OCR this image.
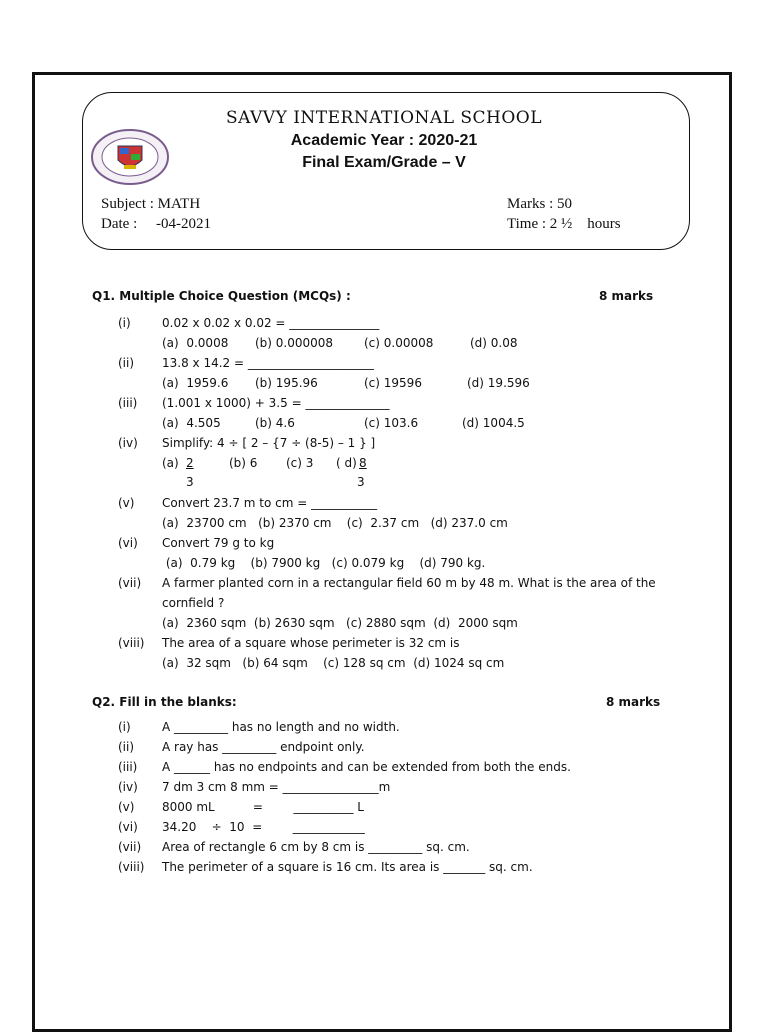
SAVVY INTERNATIONAL SCHOOL
Academic Year : 2020-21
Final Exam/Grade – V
Subject : MATH
Date :     -04-2021
Marks : 50
Time : 2 ½    hours
Q1. Multiple Choice Question (MCQs) :	8 marks
(i)	0.02 x 0.02 x 0.02 = _______________
(a)  0.0008 (b) 0.000008	(c) 0.00008	(d) 0.08
(ii) 13.8 x 14.2 = _____________________
(a)  1959.6 (b) 195.96	(c) 19596	(d) 19.596
(iii) (1.001 x 1000) + 3.5 = ______________
(a)  4.505	(b) 4.6	(c) 103.6	(d) 1004.5
(iv) Simplify: 4 ÷ [ 2 – {7 ÷ (8-5) – 1 } ]
(a) 2	(b) 6 (c) 3 ( d) 8
3	3
(v) Convert 23.7 m to cm = ___________
(a)  23700 cm   (b) 2370 cm    (c)  2.37 cm   (d) 237.0 cm
(vi) Convert 79 g to kg
(a)  0.79 kg    (b) 7900 kg   (c) 0.079 kg    (d) 790 kg.
(vii) A farmer planted corn in a rectangular field 60 m by 48 m. What is the area of the
cornfield ?
(a)  2360 sqm  (b) 2630 sqm   (c) 2880 sqm  (d)  2000 sqm
(viii) The area of a square whose perimeter is 32 cm is
(a)  32 sqm   (b) 64 sqm    (c) 128 sq cm  (d) 1024 sq cm
Q2. Fill in the blanks:	8 marks
(i)	A _________ has no length and no width.
(ii) A ray has _________ endpoint only.
(iii) A ______ has no endpoints and can be extended from both the ends.
(iv) 7 dm 3 cm 8 mm = ________________m
(v) 8000 mL          =        __________ L
(vi) 34.20    ÷  10  =        ____________
(vii) Area of rectangle 6 cm by 8 cm is _________ sq. cm.
(viii) The perimeter of a square is 16 cm. Its area is _______ sq. cm.
